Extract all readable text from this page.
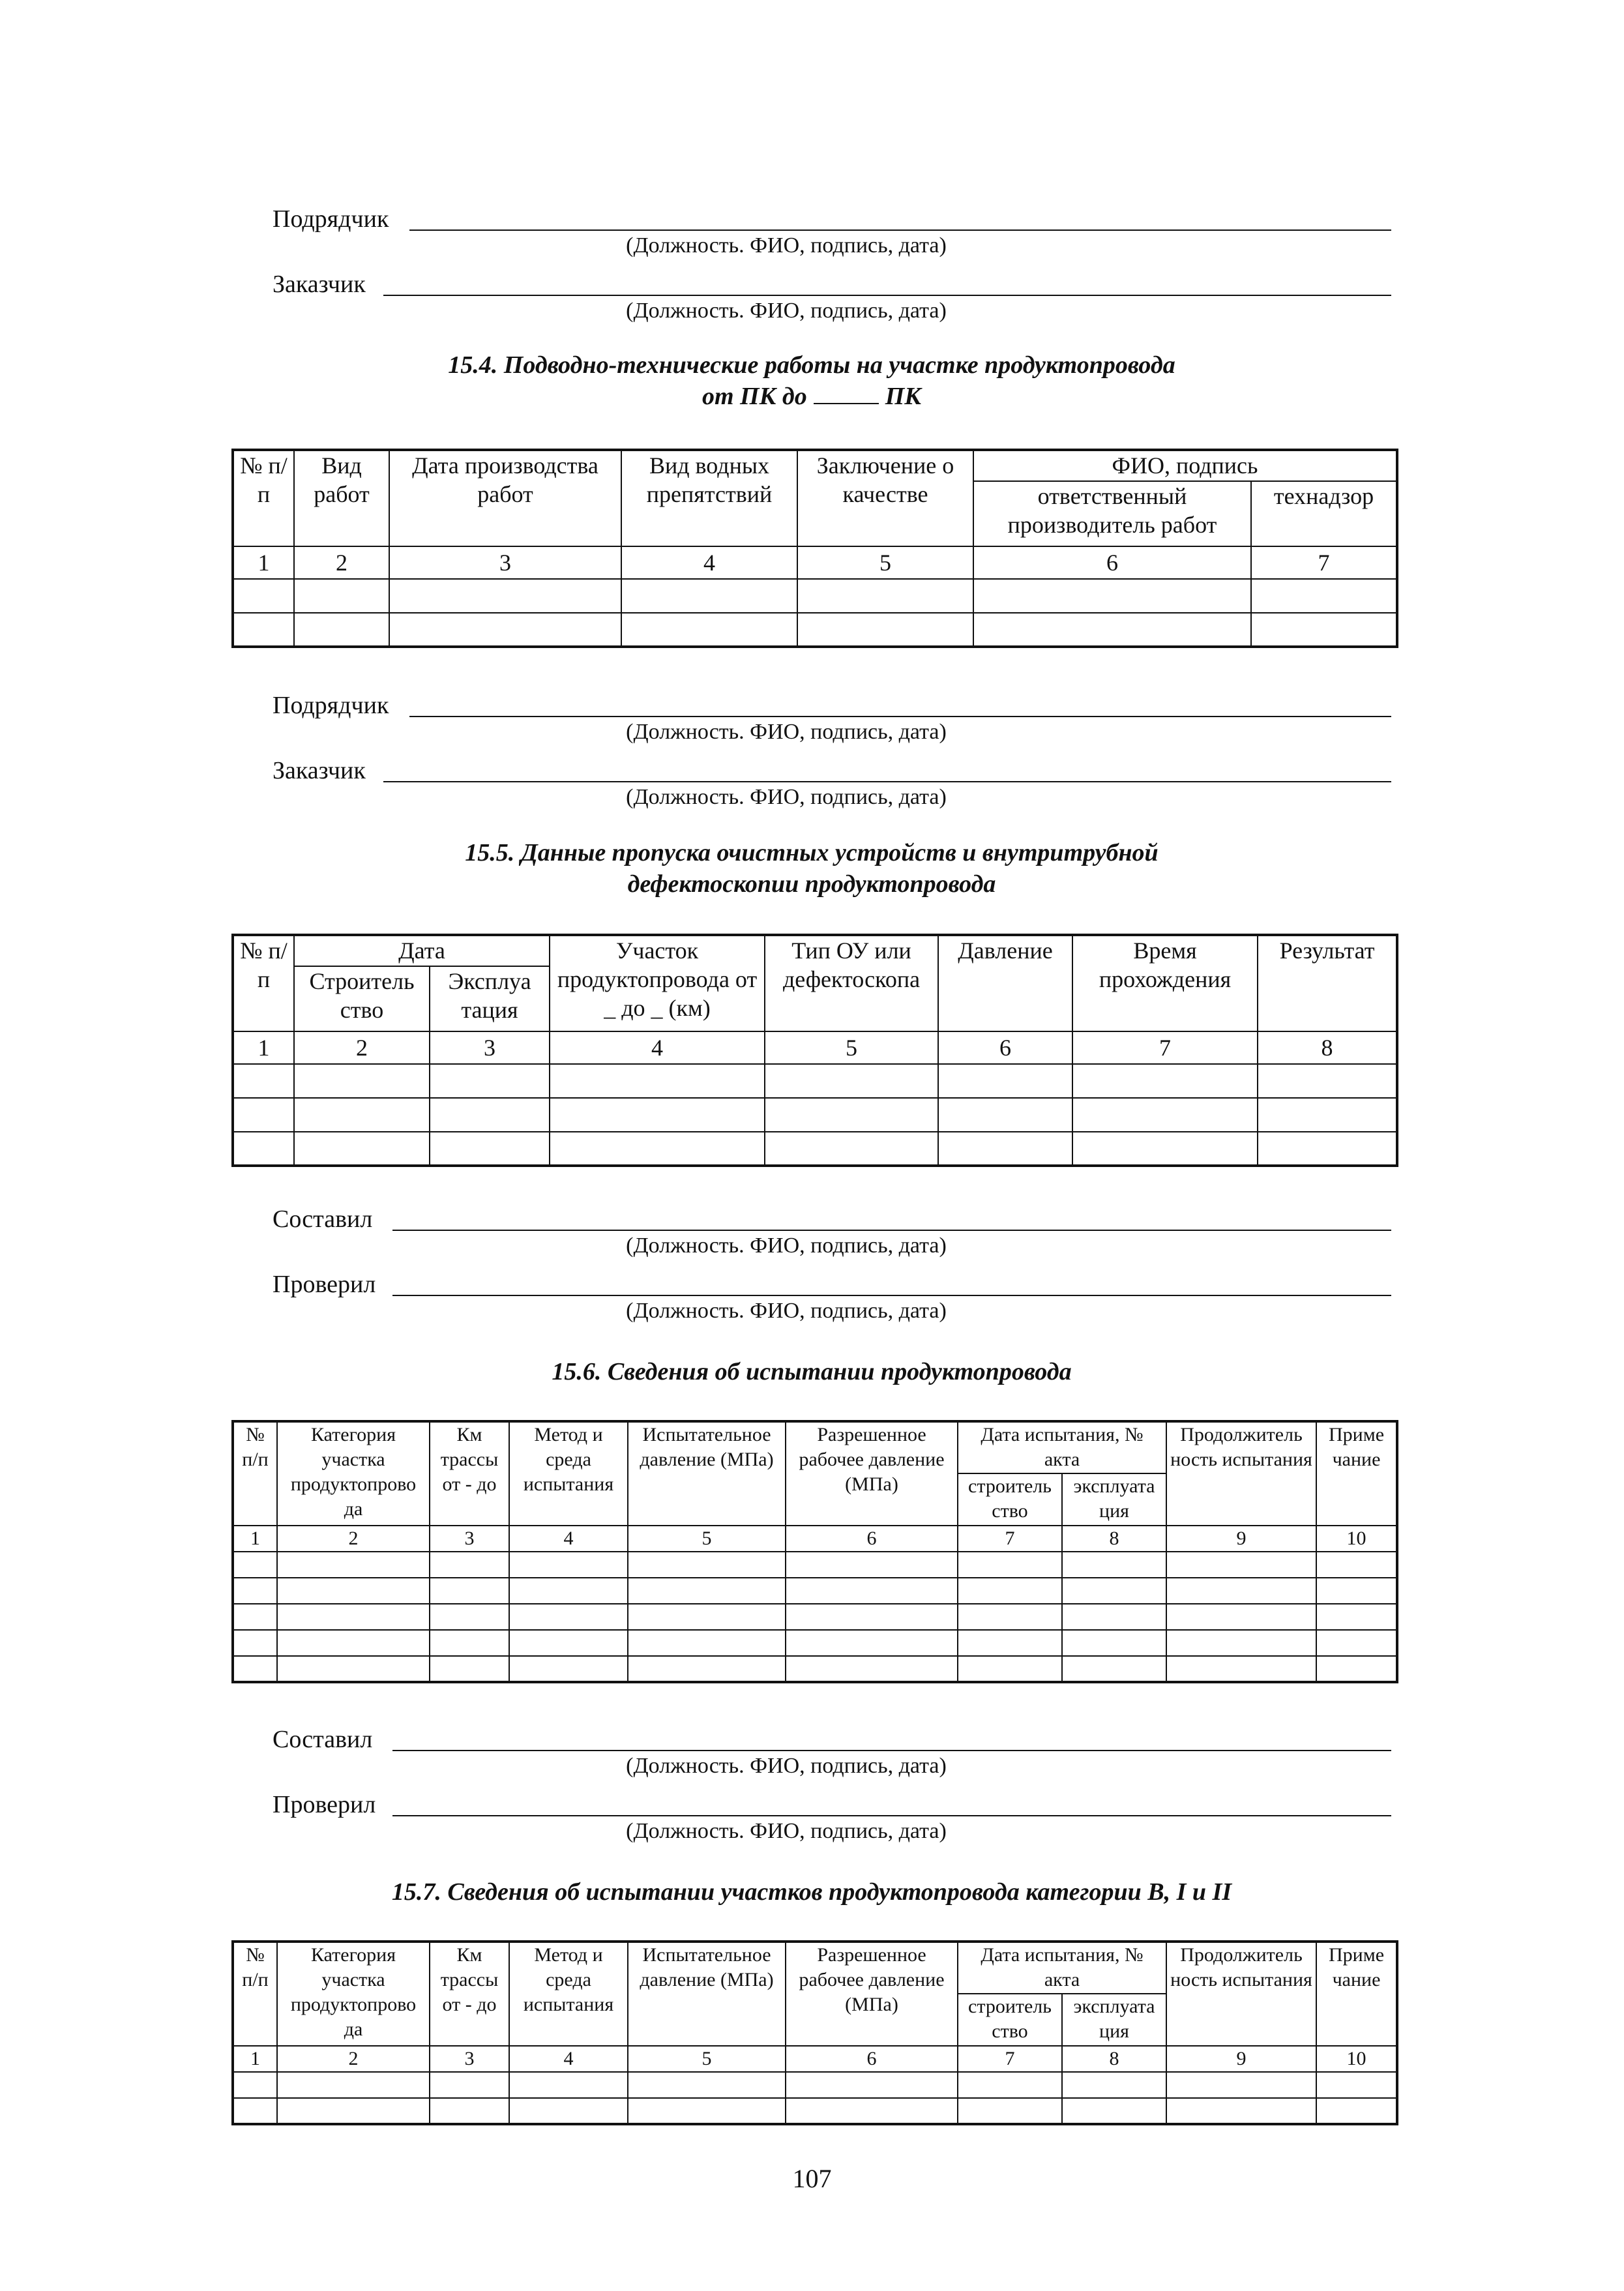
Подрядчик
(Должность. ФИО, подпись, дата)
Заказчик
(Должность. ФИО, подпись, дата)
15.4. Подводно-технические работы на участке продуктопровода
от ПК до	ПК
№ п/п	Вид работ	Дата производства работ	Вид водных препятствий	Заключение о качестве	ФИО, подпись	
					ответственный производитель работ	технадзор
1	2	3	4	5	6	7

Подрядчик
(Должность. ФИО, подпись, дата)
Заказчик
(Должность. ФИО, подпись, дата)
15.5. Данные пропуска очистных устройств и внутритрубной
дефектоскопии продуктопровода
№ п/п	Дата		Участок продуктопровода от _ до _ (км)	Тип ОУ или дефектоскопа	Давление	Время прохождения	Результат
	Строитель ство	Эксплуа тация					
1	2	3	4	5	6	7	8

Составил
(Должность. ФИО, подпись, дата)
Проверил
(Должность. ФИО, подпись, дата)
15.6. Сведения об испытании продуктопровода
№ п/п	Категория участка продуктопрово да	Км трассы от - до	Метод и среда испытания	Испытательное давление (МПа)	Разрешенное рабочее давление (МПа)	Дата испытания, № акта		Продолжитель ность испытания	Приме чание
						строитель ство	эксплуата ция		
1	2	3	4	5	6	7	8	9	10

Составил
(Должность. ФИО, подпись, дата)
Проверил
(Должность. ФИО, подпись, дата)
15.7. Сведения об испытании участков продуктопровода категории В, I и II
№ п/п	Категория участка продуктопрово да	Км трассы от - до	Метод и среда испытания	Испытательное давление (МПа)	Разрешенное рабочее давление (МПа)	Дата испытания, № акта		Продолжитель ность испытания	Приме чание
						строитель ство	эксплуата ция		
1	2	3	4	5	6	7	8	9	10

107
